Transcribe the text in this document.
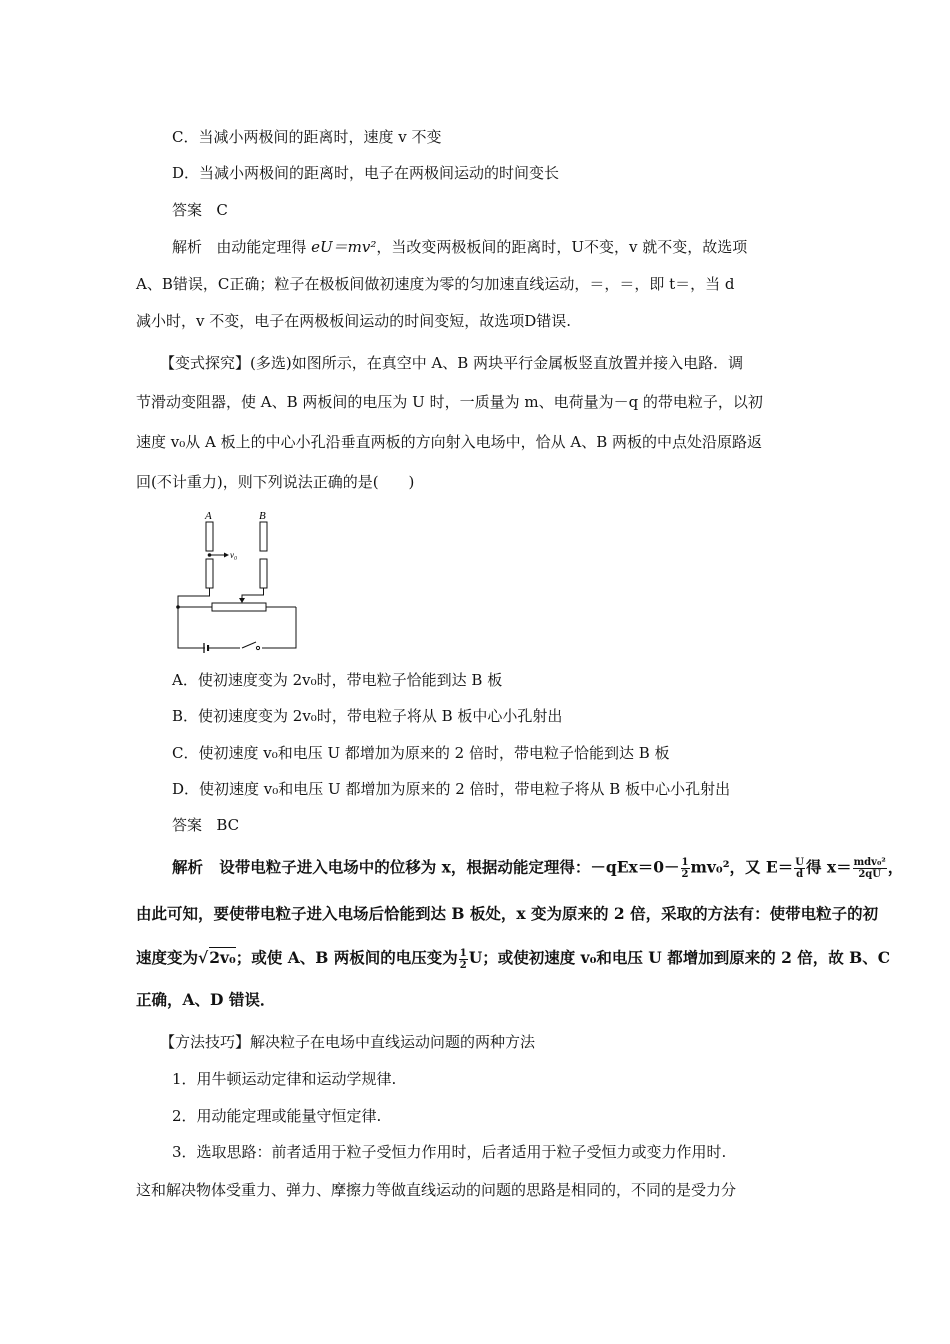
C．当减小两极间的距离时，速度 v 不变
D．当减小两极间的距离时，电子在两极间运动的时间变长
答案 C
解析 由动能定理得 eU＝mv²，当改变两极板间的距离时，U不变，v 就不变，故选项
A、B错误，C正确；粒子在极板间做初速度为零的匀加速直线运动，＝，＝，即 t＝，当 d
减小时，v 不变，电子在两极板间运动的时间变短，故选项D错误.
【变式探究】(多选)如图所示，在真空中 A、B 两块平行金属板竖直放置并接入电路．调
节滑动变阻器，使 A、B 两板间的电压为 U 时，一质量为 m、电荷量为－q 的带电粒子，以初
速度 v₀从 A 板上的中心小孔沿垂直两板的方向射入电场中，恰从 A、B 两板的中点处沿原路返
回(不计重力)，则下列说法正确的是(　　)
A	B
v₀
A．使初速度变为 2v₀时，带电粒子恰能到达 B 板
B．使初速度变为 2v₀时，带电粒子将从 B 板中心小孔射出
C．使初速度 v₀和电压 U 都增加为原来的 2 倍时，带电粒子恰能到达 B 板
D．使初速度 v₀和电压 U 都增加为原来的 2 倍时，带电粒子将从 B 板中心小孔射出
答案 BC
解析 设带电粒子进入电场中的位移为 x，根据动能定理得：$-qEx=0- \frac{1}{2} mv_0^2$，又 $E= \frac{U}{d}$ 得 $x= \frac{\text{mdv₀²}}{2qU}$ ，
由此可知，要使带电粒子进入电场后恰能到达 B 板处，x 变为原来的 2 倍，采取的方法有：使带电粒子的初
速度变为√2v₀；或使 A、B 两板间的电压变为 $\frac{1}{2}$ U；或使初速度 v₀和电压 U 都增加到原来的 2 倍，故 B、C
正确，A、D 错误．
【方法技巧】解决粒子在电场中直线运动问题的两种方法
1．用牛顿运动定律和运动学规律.
2．用动能定理或能量守恒定律.
3．选取思路：前者适用于粒子受恒力作用时，后者适用于粒子受恒力或变力作用时.
这和解决物体受重力、弹力、摩擦力等做直线运动的问题的思路是相同的，不同的是受力分
